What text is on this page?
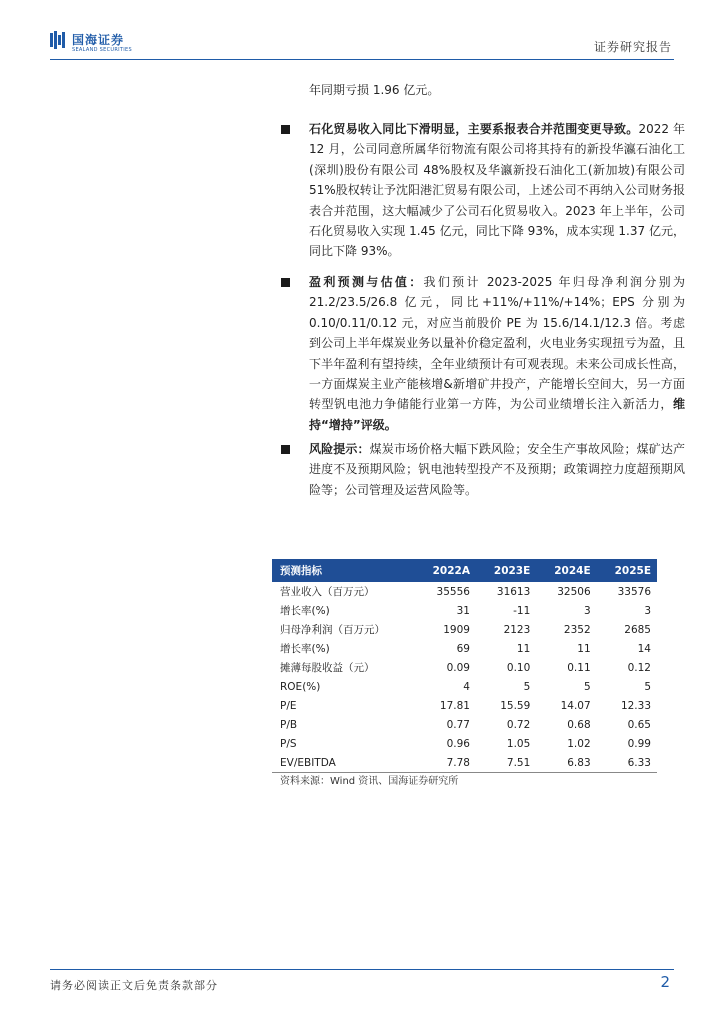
国海证券
SEALAND SECURITIES	证券研究报告
年同期亏损 1.96 亿元。
石化贸易收入同比下滑明显，主要系报表合并范围变更导致。2022 年 12 月，公司同意所属华衍物流有限公司将其持有的新投华瀛石油化工(深圳)股份有限公司 48%股权及华瀛新投石油化工(新加坡)有限公司 51%股权转让予沈阳港汇贸易有限公司，上述公司不再纳入公司财务报表合并范围，这大幅减少了公司石化贸易收入。2023 年上半年，公司石化贸易收入实现 1.45 亿元，同比下降 93%，成本实现 1.37 亿元，同比下降 93%。
盈利预测与估值：我们预计 2023-2025 年归母净利润分别为 21.2/23.5/26.8 亿元，同比+11%/+11%/+14%；EPS 分别为 0.10/0.11/0.12 元，对应当前股价 PE 为 15.6/14.1/12.3 倍。考虑到公司上半年煤炭业务以量补价稳定盈利，火电业务实现扭亏为盈，且下半年盈利有望持续，全年业绩预计有可观表现。未来公司成长性高，一方面煤炭主业产能核增&新增矿井投产，产能增长空间大，另一方面转型钒电池力争储能行业第一方阵，为公司业绩增长注入新活力，维持“增持”评级。
风险提示：煤炭市场价格大幅下跌风险；安全生产事故风险；煤矿达产进度不及预期风险；钒电池转型投产不及预期；政策调控力度超预期风险等；公司管理及运营风险等。
预测指标	2022A	2023E	2024E	2025E
营业收入（百万元）	35556	31613	32506	33576
增长率(%)	31	-11	3	3
归母净利润（百万元）	1909	2123	2352	2685
增长率(%)	69	11	11	14
摊薄每股收益（元）	0.09	0.10	0.11	0.12
ROE(%)	4	5	5	5
P/E	17.81	15.59	14.07	12.33
P/B	0.77	0.72	0.68	0.65
P/S	0.96	1.05	1.02	0.99
EV/EBITDA	7.78	7.51	6.83	6.33
资料来源：Wind 资讯、国海证券研究所
请务必阅读正文后免责条款部分	2
